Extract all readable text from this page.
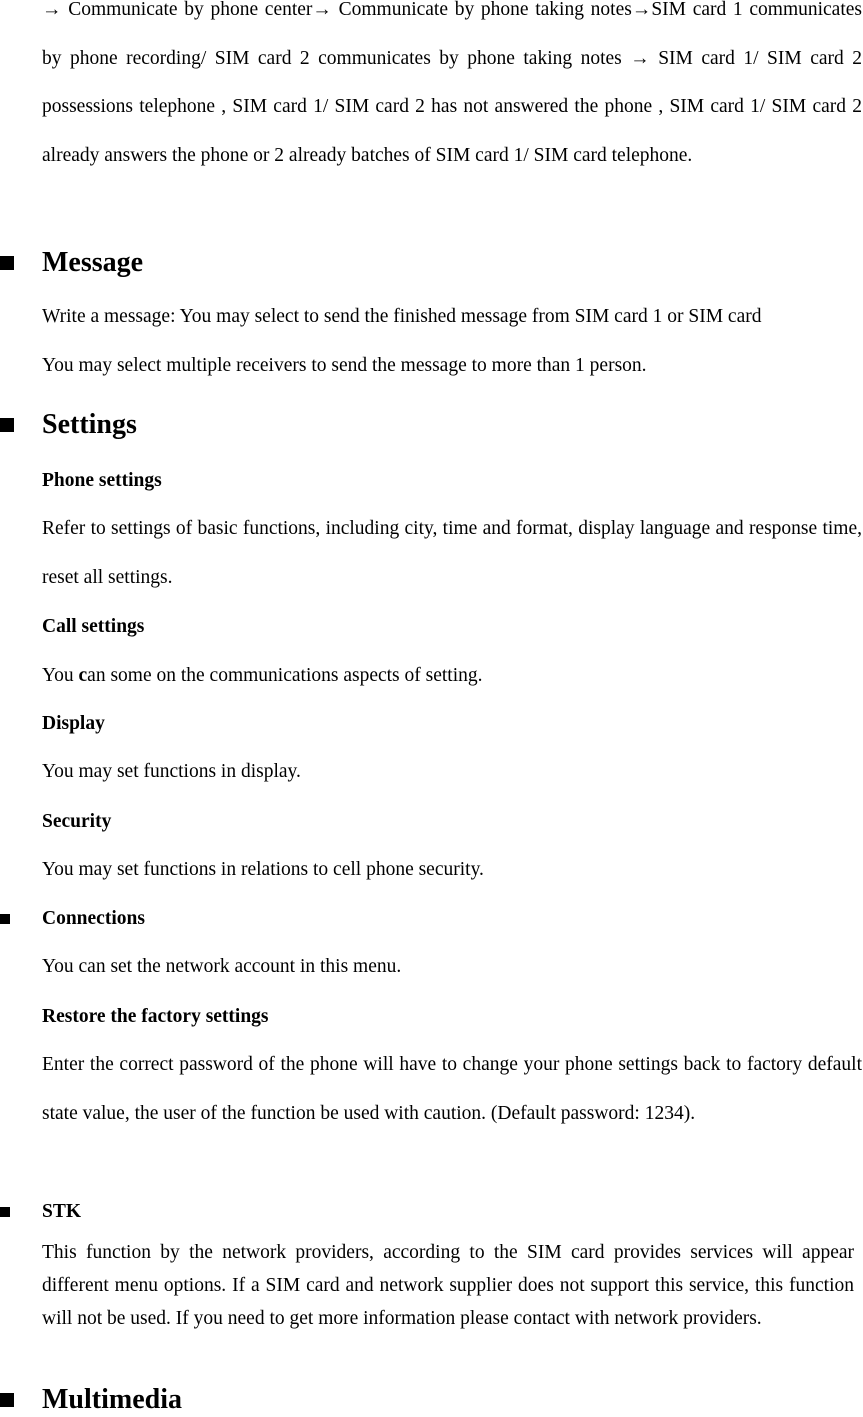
→ Communicate by phone center→ Communicate by phone taking notes→SIM card 1 communicates by phone recording/ SIM card 2 communicates by phone taking notes → SIM card 1/ SIM card 2 possessions telephone , SIM card 1/ SIM card 2 has not answered the phone , SIM card 1/ SIM card 2 already answers the phone or 2 already batches of SIM card 1/ SIM card telephone.

Message

Write a message: You may select to send the finished message from SIM card 1 or SIM card

You may select multiple receivers to send the message to more than 1 person.

Settings

Phone settings

Refer to settings of basic functions, including city, time and format, display language and response time, reset all settings.

Call settings

You can some on the communications aspects of setting.

Display

You may set functions in display.

Security

You may set functions in relations to cell phone security.

Connections

You can set the network account in this menu.

Restore the factory settings

Enter the correct password of the phone will have to change your phone settings back to factory default state value, the user of the function be used with caution. (Default password: 1234).

STK

This function by the network providers, according to the SIM card provides services will appear different menu options. If a SIM card and network supplier does not support this service, this function will not be used. If you need to get more information please contact with network providers.

Multimedia
